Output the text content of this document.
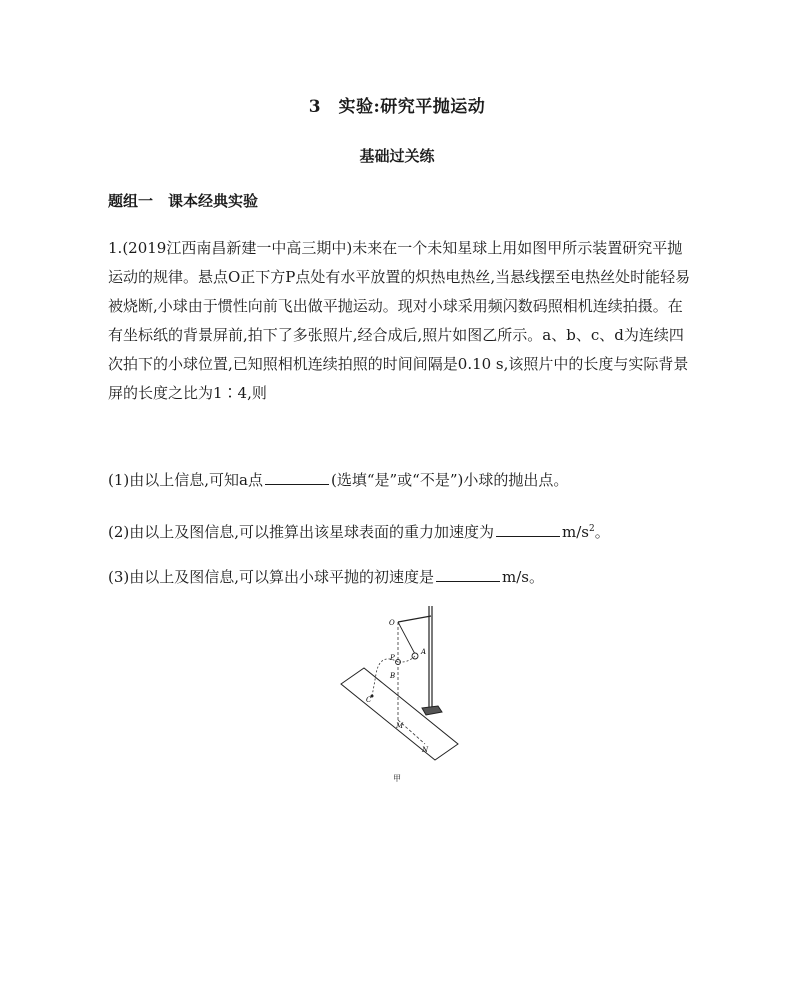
3　实验:研究平抛运动
基础过关练
题组一　课本经典实验

1.(2019江西南昌新建一中高三期中)未来在一个未知星球上用如图甲所示装置研究平抛运动的规律。悬点O正下方P点处有水平放置的炽热电热丝,当悬线摆至电热丝处时能轻易被烧断,小球由于惯性向前飞出做平抛运动。现对小球采用频闪数码照相机连续拍摄。在有坐标纸的背景屏前,拍下了多张照片,经合成后,照片如图乙所示。a、b、c、d为连续四次拍下的小球位置,已知照相机连续拍照的时间间隔是0.10 s,该照片中的长度与实际背景屏的长度之比为1∶4,则

(1)由以上信息,可知a点	(选填“是”或“不是”)小球的抛出点。
(2)由以上及图信息,可以推算出该星球表面的重力加速度为	$m/s^2$。
(3)由以上及图信息,可以算出小球平抛的初速度是	m/s。
O
P
A
B
C
M
N
甲
